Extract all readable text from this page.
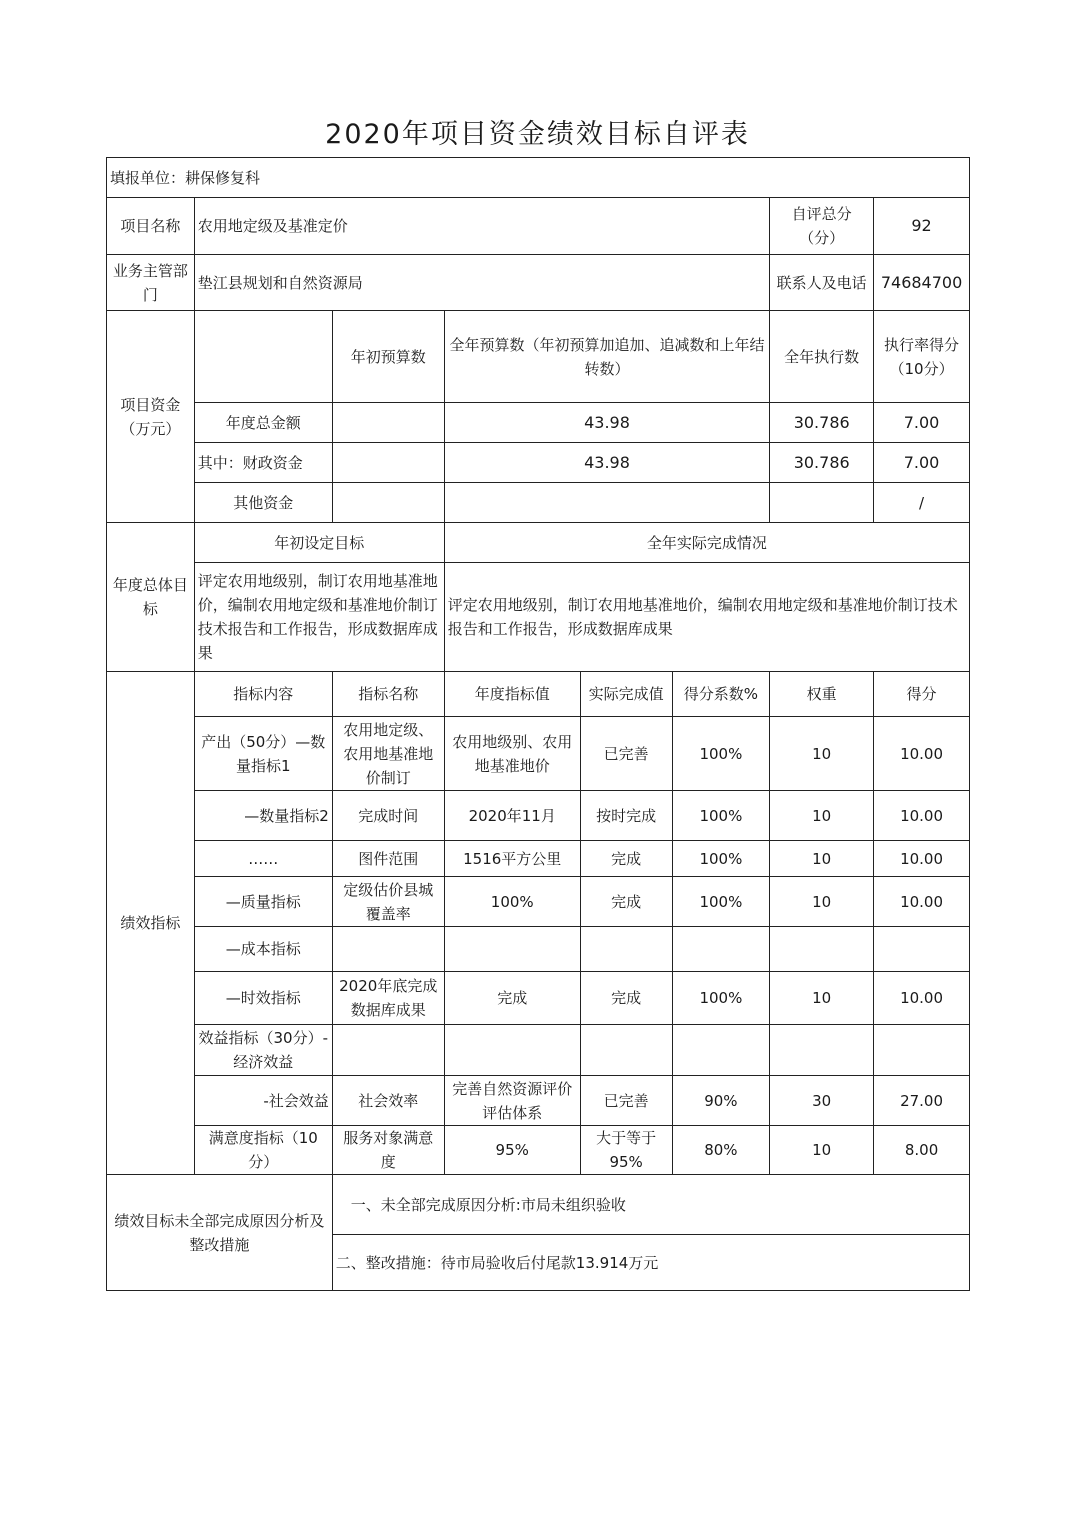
2020年项目资金绩效目标自评表
填报单位：耕保修复科							
项目名称	农用地定级及基准定价					自评总分（分）	92
业务主管部门	垫江县规划和自然资源局					联系人及电话	74684700
项目资金（万元）		年初预算数	全年预算数（年初预算加追加、追减数和上年结转数）			全年执行数	执行率得分（10分）
	年度总金额		43.98			30.786	7.00
	其中：财政资金		43.98			30.786	7.00
	其他资金						/
年度总体目标	年初设定目标		全年实际完成情况				
	评定农用地级别，制订农用地基准地价，编制农用地定级和基准地价制订技术报告和工作报告，形成数据库成果		评定农用地级别，制订农用地基准地价，编制农用地定级和基准地价制订技术报告和工作报告，形成数据库成果				
绩效指标	指标内容	指标名称	年度指标值	实际完成值	得分系数%	权重	得分
	产出（50分）—数量指标1	农用地定级、农用地基准地价制订	农用地级别、农用地基准地价	已完善	100%	10	10.00
	—数量指标2	完成时间	2020年11月	按时完成	100%	10	10.00
	……	图件范围	1516平方公里	完成	100%	10	10.00
	—质量指标	定级估价县城覆盖率	100%	完成	100%	10	10.00
	—成本指标						
	—时效指标	2020年底完成数据库成果	完成	完成	100%	10	10.00
	效益指标（30分）-经济效益						
	-社会效益	社会效率	完善自然资源评价评估体系	已完善	90%	30	27.00
	满意度指标（10分）	服务对象满意度	95%	大于等于95%	80%	10	8.00
绩效目标未全部完成原因分析及整改措施		一、未全部完成原因分析:市局未组织验收					
		二、整改措施：待市局验收后付尾款13.914万元					
